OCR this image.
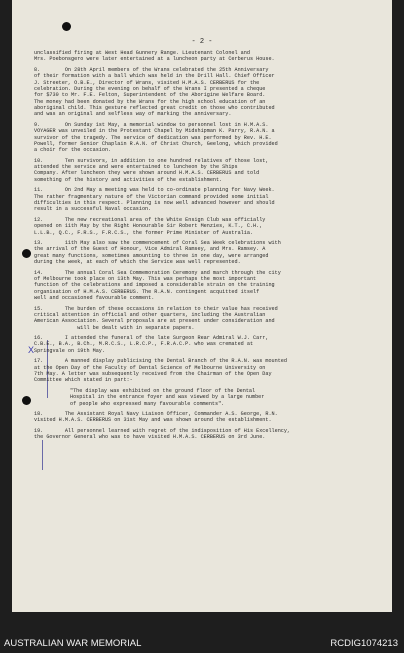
X
- 2 -

unclassified firing at West Head Gunnery Range. Lieutenant Colonel and
Mrs. Poebonsgero were later entertained at a luncheon party at Cerberus House.

8.        On 28th April members of the Wrans celebrated the 25th Anniversary
of their formation with a ball which was held in the Drill Hall. Chief Officer
J. Streeter, O.B.E., Director of Wrans, visited H.M.A.S. CERBERUS for the
celebration. During the evening on behalf of the Wrans I presented a cheque
for $730 to Mr. F.E. Felton, Superintendent of the Aborigine Welfare Board.
The money had been donated by the Wrans for the high school education of an
aboriginal child. This gesture reflected great credit on those who contributed
and was an original and selfless way of marking the anniversary.

9.        On Sunday 1st May, a memorial window to personnel lost in H.M.A.S.
VOYAGER was unveiled in the Protestant Chapel by Midshipman K. Parry, R.A.N. a
survivor of the tragedy. The service of dedication was performed by Rev. H.E.
Powell, former Senior Chaplain R.A.N. of Christ Church, Geelong, which provided
a choir for the occasion.

10.       Ten survivors, in addition to one hundred relatives of those lost,
attended the service and were entertained to luncheon by the Ships
Company. After luncheon they were shown around H.M.A.S. CERBERUS and told
something of the history and activities of the establishment.

11.       On 2nd May a meeting was held to co-ordinate planning for Navy Week.
The rather fragmentary nature of the Victorian command provided some initial
difficulties in this respect. Planning is now well advanced however and should
result in a successful Naval occasion.

12.       The new recreational area of the White Ensign Club was officially
opened on 11th May by the Right Honourable Sir Robert Menzies, K.T., C.H.,
L.L.B., Q.C., F.R.S., F.R.C.S., the former Prime Minister of Australia.

13.       11th May also saw the commencement of Coral Sea Week celebrations with
the arrival of the Guest of Honour, Vice Admiral Ramsey, and Mrs. Ramsey. A
great many functions, sometimes amounting to three in one day, were arranged
during the week, at each of which the Service was well represented.

14.       The annual Coral Sea Commemoration Ceremony and march through the city
of Melbourne took place on 13th May. This was perhaps the most important
function of the celebrations and imposed a considerable strain on the training
organisation of H.M.A.S. CERBERUS. The R.A.N. contingent acquitted itself
well and occasioned favourable comment.

15.       The burden of these occasions in relation to their value has received
critical attention in official and other quarters, including the Australian
American Association. Several proposals are at present under consideration and
will be dealt with in separate papers.

16.       I attended the funeral of the late Surgeon Rear Admiral W.J. Carr,
C.B.E., B.A., B.Ch., M.R.C.S., L.R.C.P., F.R.A.C.P. who was cremated at
Springvale on 19th May.

17.       A manned display publicising the Dental Branch of the R.A.N. was mounted
at the Open Day of the Faculty of Dental Science of Melbourne University on
7th May. A letter was subsequently received from the Chairman of the Open Day
Committee which stated in part:-

"The display was exhibited on the ground floor of the Dental
Hospital in the entrance foyer and was viewed by a large number
of people who expressed many favourable comments".

18.       The Assistant Royal Navy Liaison Officer, Commander A.S. George, R.N.
visited H.M.A.S. CERBERUS on 31st May and was shown around the establishment.

19.       All personnel learned with regret of the indisposition of His Excellency,
the Governor General who was to have visited H.M.A.S. CERBERUS on 3rd June.

AUSTRALIAN WAR MEMORIAL	RCDIG1074213
